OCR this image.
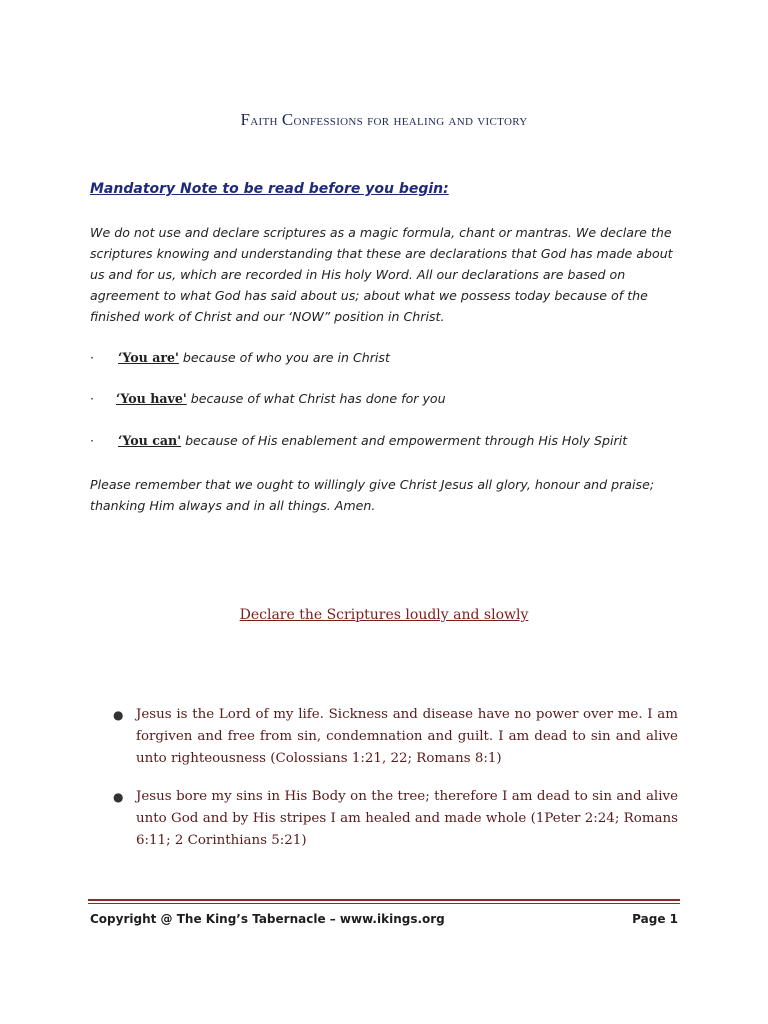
Faith Confessions for healing and victory
Mandatory Note to be read before you begin:

We do not use and declare scriptures as a magic formula, chant or mantras. We declare the scriptures knowing and understanding that these are declarations that God has made about us and for us, which are recorded in His holy Word. All our declarations are based on agreement to what God has said about us; about what we possess today because of the finished work of Christ and our ‘NOW” position in Christ.

· ‘You are' because of who you are in Christ
· ‘You have' because of what Christ has done for you
· ‘You can' because of His enablement and empowerment through His Holy Spirit

Please remember that we ought to willingly give Christ Jesus all glory, honour and praise; thanking Him always and in all things. Amen.

Declare the Scriptures loudly and slowly
● Jesus is the Lord of my life. Sickness and disease have no power over me. I am forgiven and free from sin, condemnation and guilt. I am dead to sin and alive unto righteousness (Colossians 1:21, 22; Romans 8:1)
● Jesus bore my sins in His Body on the tree; therefore I am dead to sin and alive unto God and by His stripes I am healed and made whole (1Peter 2:24; Romans 6:11; 2 Corinthians 5:21)
Copyright @ The King’s Tabernacle – www.ikings.org	Page 1
